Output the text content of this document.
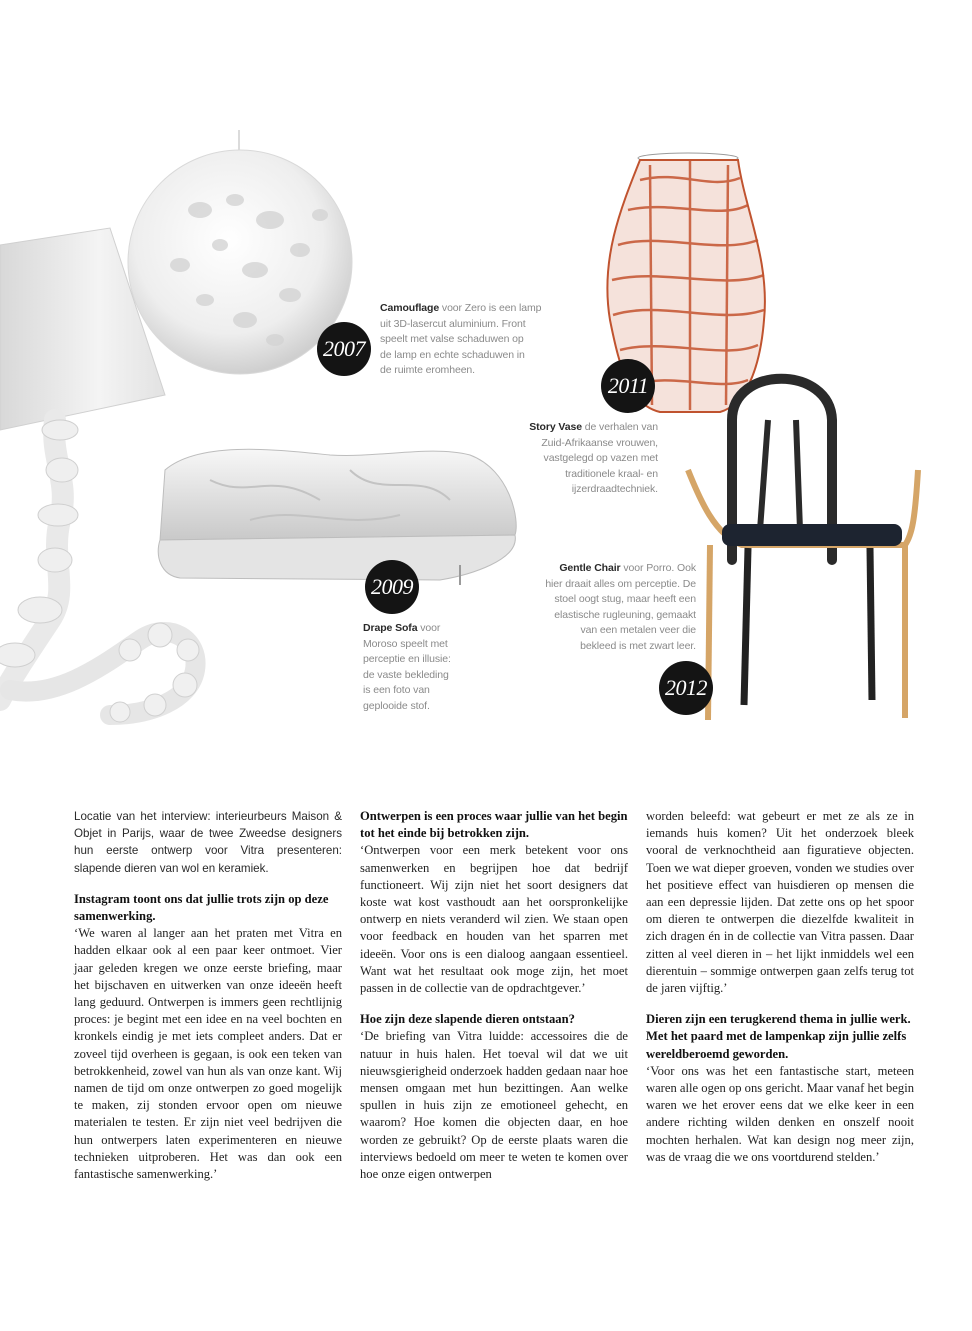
2007
2011
2009
2012
Camouflage voor Zero is een lamp
uit 3D-lasercut aluminium. Front
speelt met valse schaduwen op
de lamp en echte schaduwen in
de ruimte eromheen.
Story Vase de verhalen van
Zuid-Afrikaanse vrouwen,
vastgelegd op vazen met
traditionele kraal- en
ijzerdraadtechniek.
Drape Sofa voor
Moroso speelt met
perceptie en illusie:
de vaste bekleding
is een foto van
geplooide stof.
Gentle Chair voor Porro. Ook
hier draait alles om perceptie. De
stoel oogt stug, maar heeft een
elastische rugleuning, gemaakt
van een metalen veer die
bekleed is met zwart leer.

Locatie van het interview: interieurbeurs Maison & Objet in Parijs, waar de twee Zweedse designers hun eerste ontwerp voor Vitra presenteren: slapende dieren van wol en keramiek.

Instagram toont ons dat jullie trots zijn op deze samenwerking.

‘We waren al langer aan het praten met Vitra en hadden elkaar ook al een paar keer ontmoet. Vier jaar geleden kregen we onze eerste briefing, maar het bijschaven en uitwerken van onze ideeën heeft lang geduurd. Ontwerpen is immers geen rechtlijnig proces: je begint met een idee en na veel bochten en kronkels eindig je met iets compleet anders. Dat er zoveel tijd overheen is gegaan, is ook een teken van betrokkenheid, zowel van hun als van onze kant. Wij namen de tijd om onze ontwerpen zo goed mogelijk te maken, zij stonden ervoor open om nieuwe materialen te testen. Er zijn niet veel bedrijven die hun ontwerpers laten experimenteren en nieuwe technieken uitproberen. Het was dan ook een fantastische samenwerking.’

Ontwerpen is een proces waar jullie van het begin tot het einde bij betrokken zijn.

‘Ontwerpen voor een merk betekent voor ons samenwerken en begrijpen hoe dat bedrijf functioneert. Wij zijn niet het soort designers dat koste wat kost vasthoudt aan het oorspronkelijke ontwerp en niets veranderd wil zien. We staan open voor feedback en houden van het sparren met ideeën. Voor ons is een dialoog aangaan essentieel. Want wat het resultaat ook moge zijn, het moet passen in de collectie van de opdrachtgever.’

Hoe zijn deze slapende dieren ontstaan?

‘De briefing van Vitra luidde: accessoires die de natuur in huis halen. Het toeval wil dat we uit nieuwsgierigheid onderzoek hadden gedaan naar hoe mensen omgaan met hun bezittingen. Aan welke spullen in huis zijn ze emotioneel gehecht, en waarom? Hoe komen die objecten daar, en hoe worden ze gebruikt? Op de eerste plaats waren die interviews bedoeld om meer te weten te komen over hoe onze eigen ontwerpen

worden beleefd: wat gebeurt er met ze als ze in iemands huis komen? Uit het onderzoek bleek vooral de verknochtheid aan figuratieve objecten. Toen we wat dieper groeven, vonden we studies over het positieve effect van huisdieren op mensen die aan een depressie lijden. Dat zette ons op het spoor om dieren te ontwerpen die diezelfde kwaliteit in zich dragen én in de collectie van Vitra passen. Daar zitten al veel dieren in – het lijkt inmiddels wel een dierentuin – sommige ontwerpen gaan zelfs terug tot de jaren vijftig.’

Dieren zijn een terugkerend thema in jullie werk. Met het paard met de lampenkap zijn jullie zelfs wereldberoemd geworden.

‘Voor ons was het een fantastische start, meteen waren alle ogen op ons gericht. Maar vanaf het begin waren we het erover eens dat we elke keer in een andere richting wilden denken en onszelf nooit mochten herhalen. Wat kan design nog meer zijn, was de vraag die we ons voortdurend stelden.’
